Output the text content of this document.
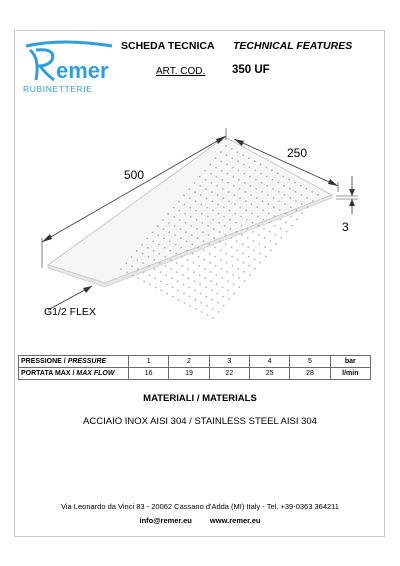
emer
RUBINETTERIE
SCHEDA TECNICA TECHNICAL FEATURES
ART. COD. 350 UF
500
250
3
G1/2 FLEX
PRESSIONE / PRESSURE	1	2	3	4	5	bar
PORTATA MAX / MAX FLOW	16	19	22	25	28	l/min
MATERIALI / MATERIALS
ACCIAIO INOX AISI 304 / STAINLESS STEEL AISI 304
Via Leonardo da Vinci 83 - 20062 Cassano d'Adda (MI) Italy - Tel. +39-0363 364211
info@remer.eu www.remer.eu
